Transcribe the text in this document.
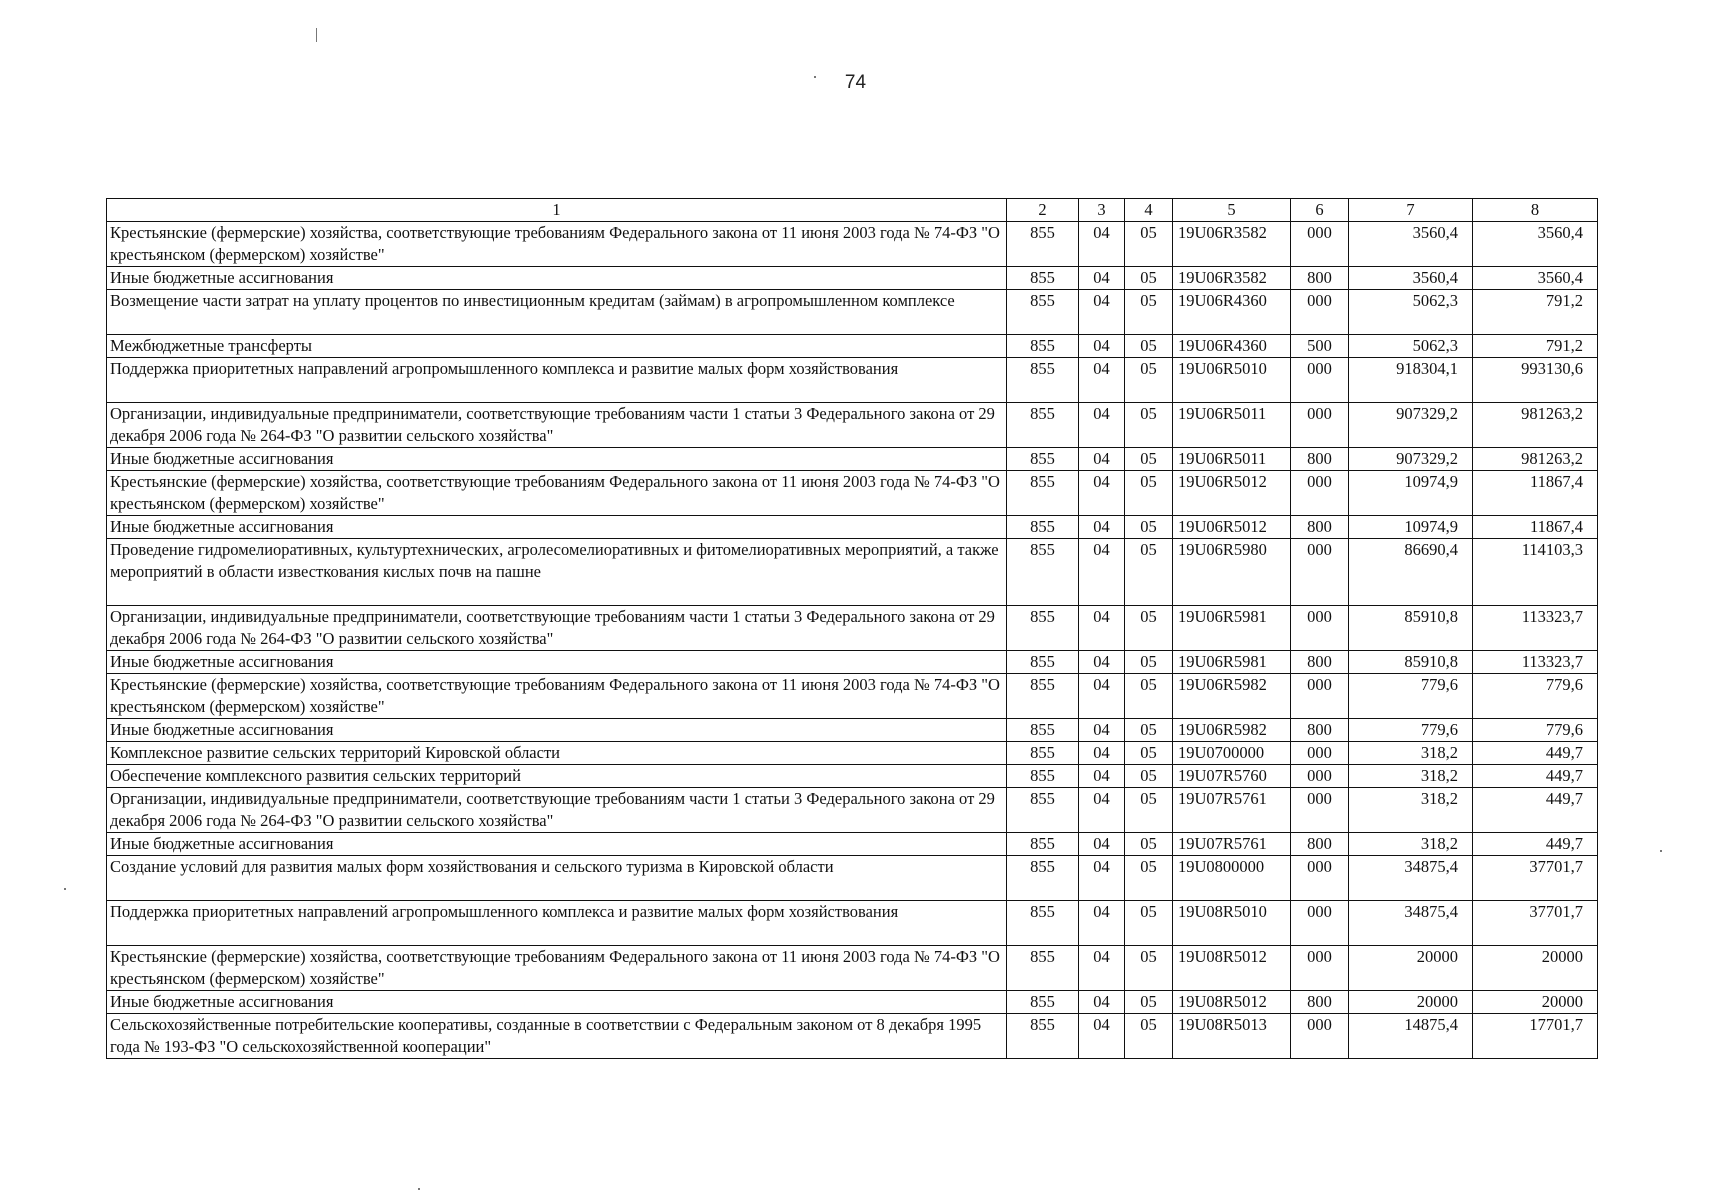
74
1	2	3	4	5	6	7	8
Крестьянские (фермерские) хозяйства, соответствующие требованиям Федерального закона от 11 июня 2003 года № 74-ФЗ "О крестьянском (фермерском) хозяйстве"	855	04	05	19U06R3582	000	3560,4	3560,4
Иные бюджетные ассигнования	855	04	05	19U06R3582	800	3560,4	3560,4
Возмещение части затрат на уплату процентов по инвестиционным кредитам (займам) в агропромышленном комплексе	855	04	05	19U06R4360	000	5062,3	791,2
Межбюджетные трансферты	855	04	05	19U06R4360	500	5062,3	791,2
Поддержка приоритетных направлений агропромышленного комплекса и развитие малых форм хозяйствования	855	04	05	19U06R5010	000	918304,1	993130,6
Организации, индивидуальные предприниматели, соответствующие требованиям части 1 статьи 3 Федерального закона от 29 декабря 2006 года № 264-ФЗ "О развитии сельского хозяйства"	855	04	05	19U06R5011	000	907329,2	981263,2
Иные бюджетные ассигнования	855	04	05	19U06R5011	800	907329,2	981263,2
Крестьянские (фермерские) хозяйства, соответствующие требованиям Федерального закона от 11 июня 2003 года № 74-ФЗ "О крестьянском (фермерском) хозяйстве"	855	04	05	19U06R5012	000	10974,9	11867,4
Иные бюджетные ассигнования	855	04	05	19U06R5012	800	10974,9	11867,4
Проведение гидромелиоративных, культуртехнических, агролесомелиоративных и фитомелиоративных мероприятий, а также мероприятий в области известкования кислых почв на пашне	855	04	05	19U06R5980	000	86690,4	114103,3
Организации, индивидуальные предприниматели, соответствующие требованиям части 1 статьи 3 Федерального закона от 29 декабря 2006 года № 264-ФЗ "О развитии сельского хозяйства"	855	04	05	19U06R5981	000	85910,8	113323,7
Иные бюджетные ассигнования	855	04	05	19U06R5981	800	85910,8	113323,7
Крестьянские (фермерские) хозяйства, соответствующие требованиям Федерального закона от 11 июня 2003 года № 74-ФЗ "О крестьянском (фермерском) хозяйстве"	855	04	05	19U06R5982	000	779,6	779,6
Иные бюджетные ассигнования	855	04	05	19U06R5982	800	779,6	779,6
Комплексное развитие сельских территорий Кировской области	855	04	05	19U0700000	000	318,2	449,7
Обеспечение комплексного развития сельских территорий	855	04	05	19U07R5760	000	318,2	449,7
Организации, индивидуальные предприниматели, соответствующие требованиям части 1 статьи 3 Федерального закона от 29 декабря 2006 года № 264-ФЗ "О развитии сельского хозяйства"	855	04	05	19U07R5761	000	318,2	449,7
Иные бюджетные ассигнования	855	04	05	19U07R5761	800	318,2	449,7
Создание условий для развития малых форм хозяйствования и сельского туризма в Кировской области	855	04	05	19U0800000	000	34875,4	37701,7
Поддержка приоритетных направлений агропромышленного комплекса и развитие малых форм хозяйствования	855	04	05	19U08R5010	000	34875,4	37701,7
Крестьянские (фермерские) хозяйства, соответствующие требованиям Федерального закона от 11 июня 2003 года № 74-ФЗ "О крестьянском (фермерском) хозяйстве"	855	04	05	19U08R5012	000	20000	20000
Иные бюджетные ассигнования	855	04	05	19U08R5012	800	20000	20000
Сельскохозяйственные потребительские кооперативы, созданные в соответствии с Федеральным законом от 8 декабря 1995 года № 193-ФЗ "О сельскохозяйственной кооперации"	855	04	05	19U08R5013	000	14875,4	17701,7
